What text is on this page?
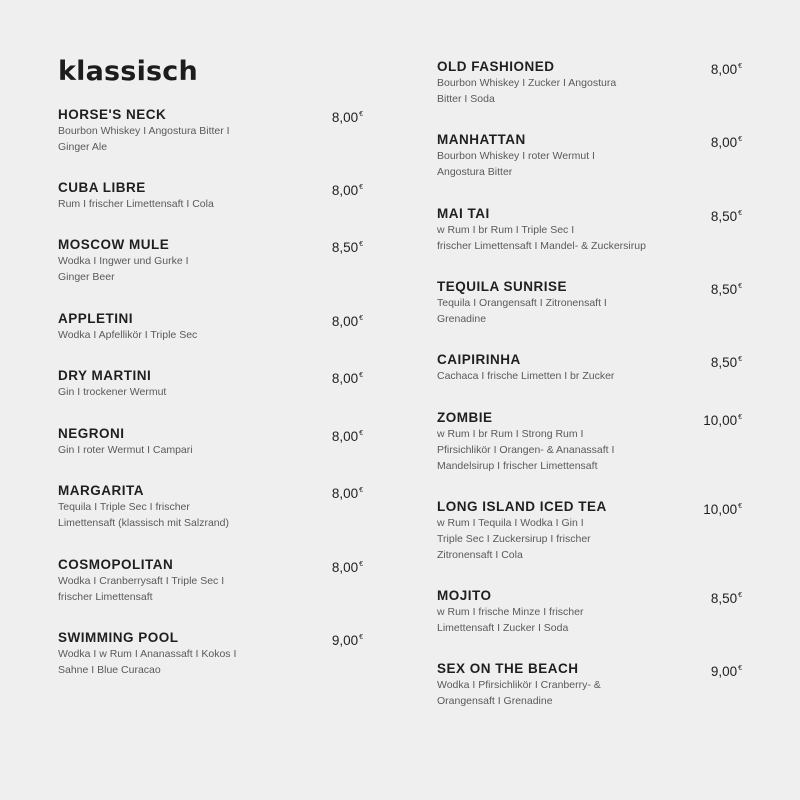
klassisch
HORSE'S NECK	8,00€
Bourbon Whiskey I Angostura Bitter I
Ginger Ale
CUBA LIBRE	8,00€
Rum I frischer Limettensaft I Cola
MOSCOW MULE	8,50€
Wodka I Ingwer und Gurke I
Ginger Beer
APPLETINI	8,00€
Wodka I Apfellikör I Triple Sec
DRY MARTINI	8,00€
Gin I trockener Wermut
NEGRONI	8,00€
Gin I roter Wermut I Campari
MARGARITA	8,00€
Tequila I Triple Sec I frischer
Limettensaft (klassisch mit Salzrand)
COSMOPOLITAN	8,00€
Wodka I Cranberrysaft I Triple Sec I
frischer Limettensaft
SWIMMING POOL	9,00€
Wodka I w Rum I Ananassaft I Kokos I
Sahne I Blue Curacao
OLD FASHIONED	8,00€
Bourbon Whiskey I Zucker I Angostura
Bitter I Soda
MANHATTAN	8,00€
Bourbon Whiskey I roter Wermut I
Angostura Bitter
MAI TAI	8,50€
w Rum I br Rum I Triple Sec I
frischer Limettensaft I Mandel- & Zuckersirup
TEQUILA SUNRISE	8,50€
Tequila I Orangensaft I Zitronensaft I
Grenadine
CAIPIRINHA	8,50€
Cachaca I frische Limetten I br Zucker
ZOMBIE	10,00€
w Rum I br Rum I Strong Rum I
Pfirsichlikör I Orangen- & Ananassaft I
Mandelsirup I frischer Limettensaft
LONG ISLAND ICED TEA	10,00€
w Rum I Tequila I Wodka I Gin I
Triple Sec I Zuckersirup I frischer
Zitronensaft I Cola
MOJITO	8,50€
w Rum I frische Minze I frischer
Limettensaft I Zucker I Soda
SEX ON THE BEACH	9,00€
Wodka I Pfirsichlikör I Cranberry- &
Orangensaft I Grenadine
